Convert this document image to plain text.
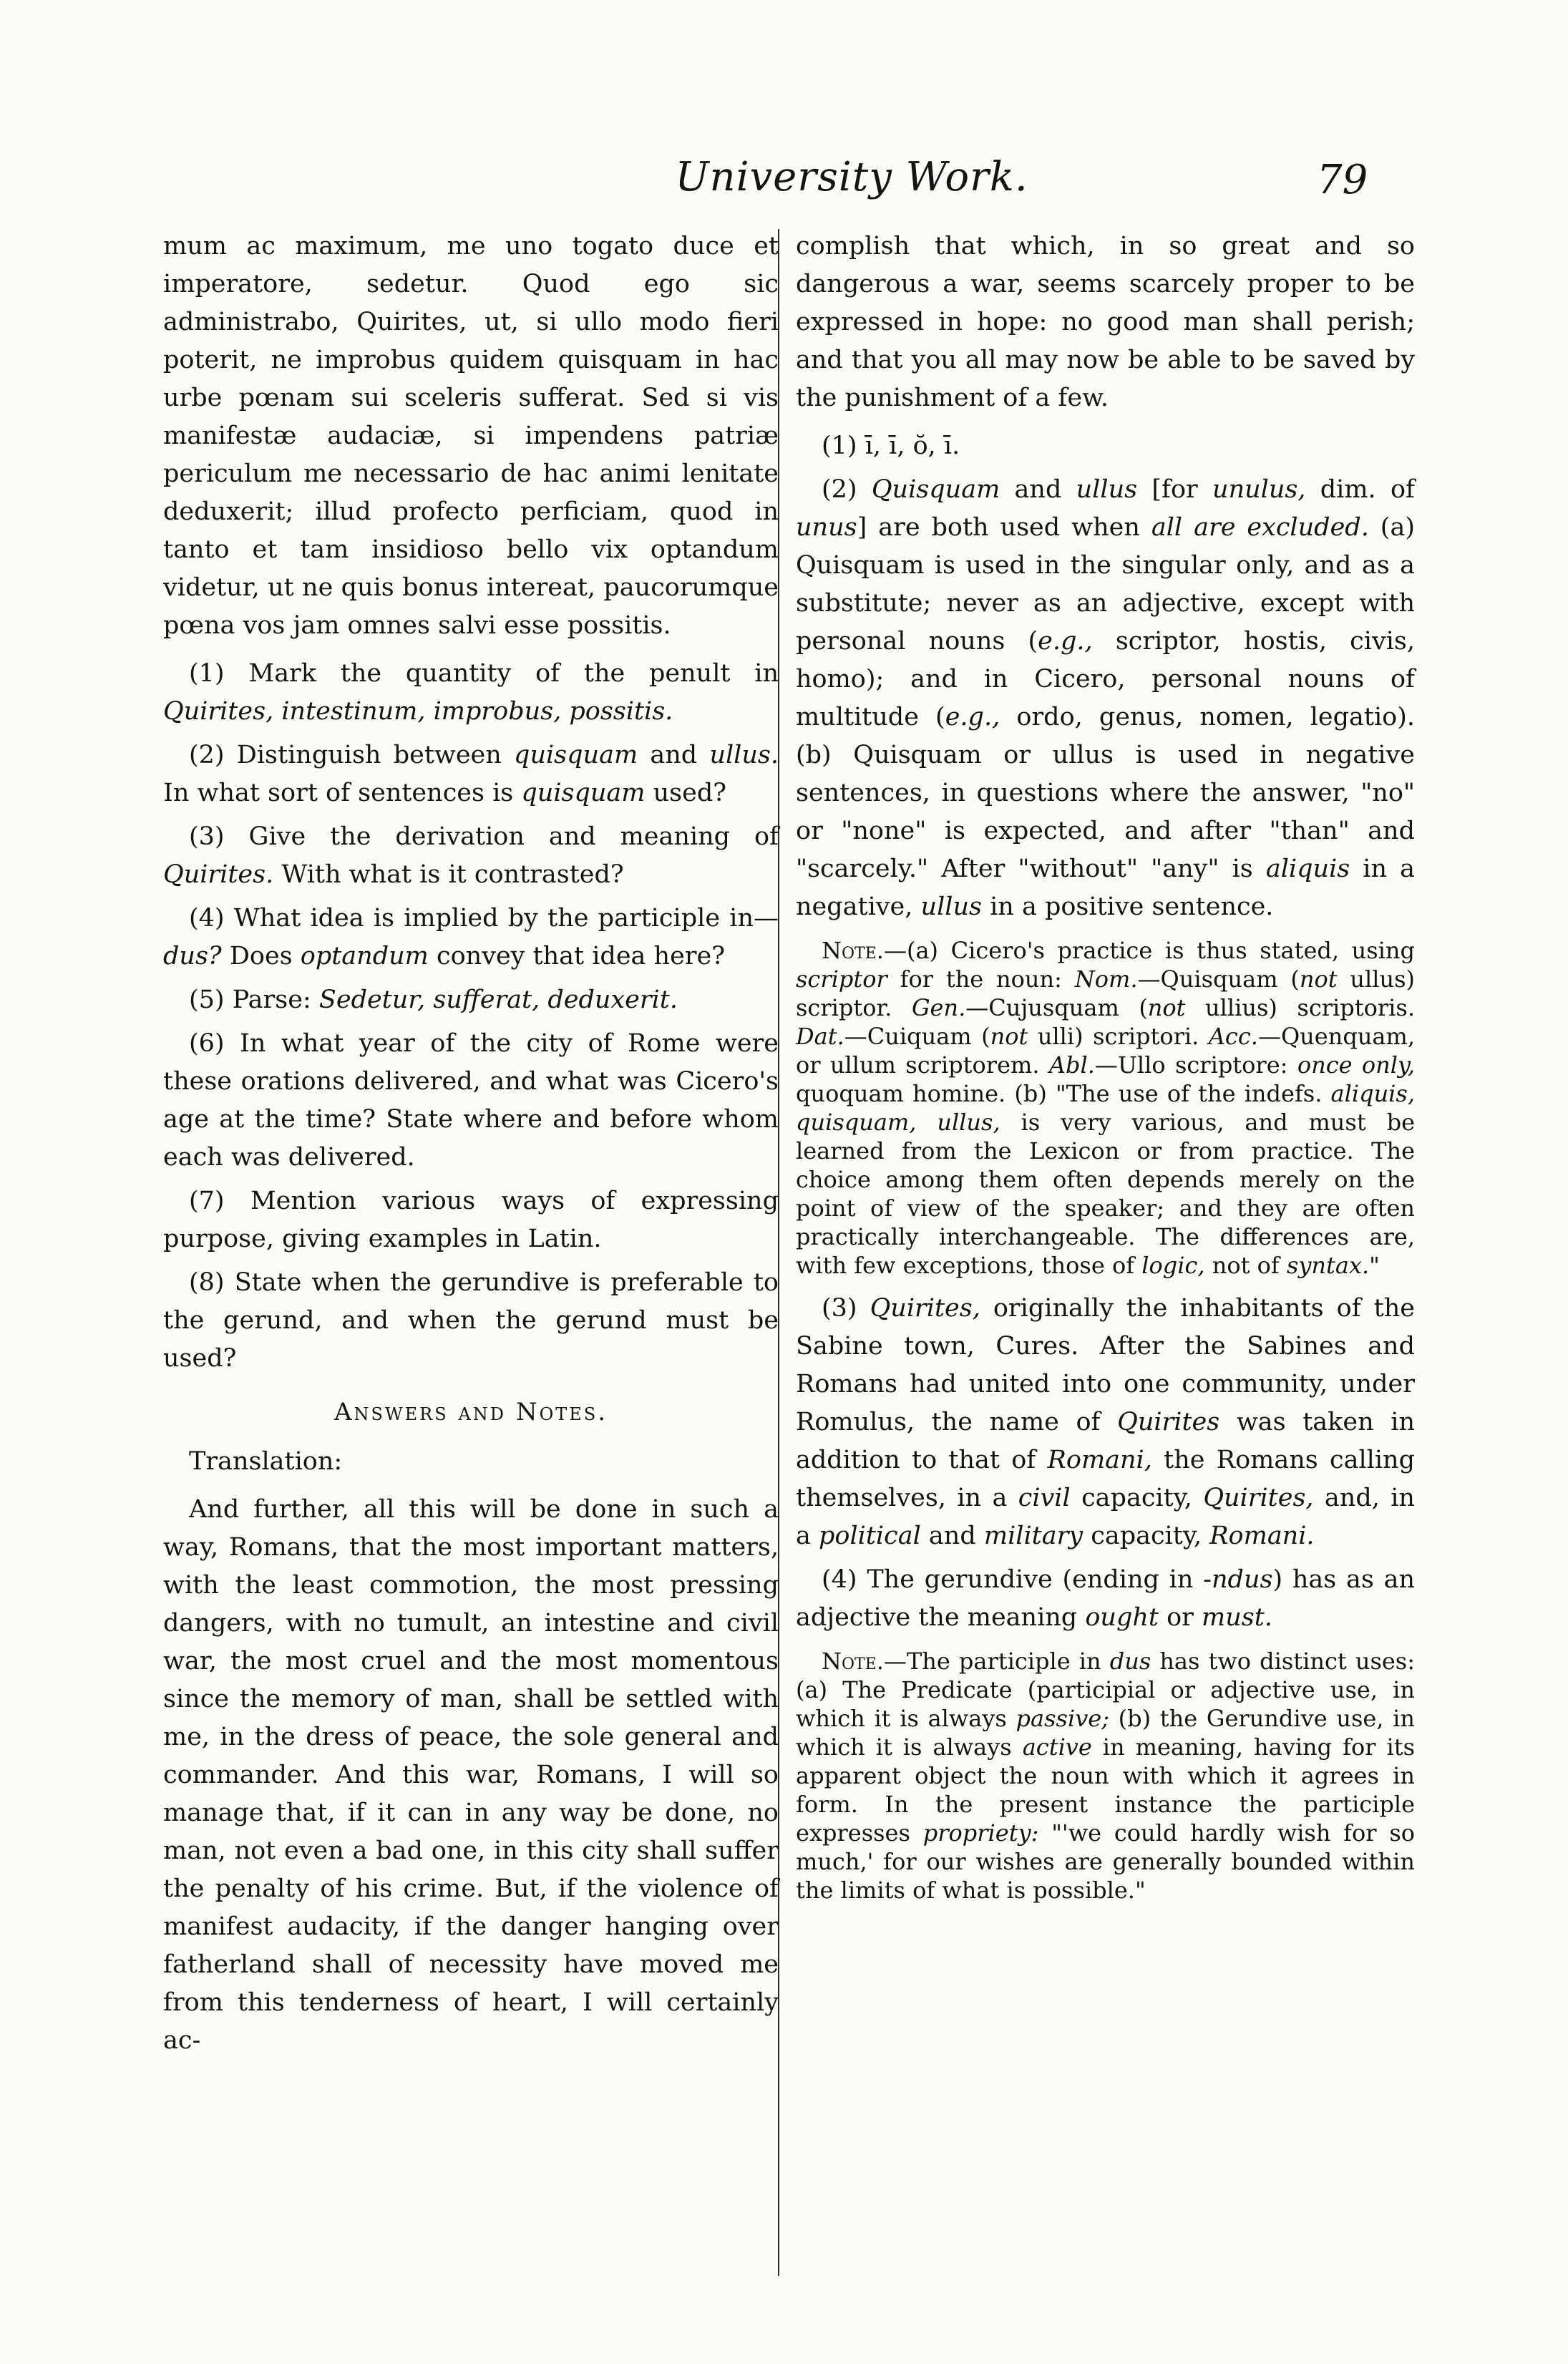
University Work.	79

mum ac maximum, me uno togato duce et imperatore, sedetur. Quod ego sic administrabo, Quirites, ut, si ullo modo fieri poterit, ne improbus quidem quisquam in hac urbe pœnam sui sceleris sufferat. Sed si vis manifestæ audaciæ, si impendens patriæ periculum me necessario de hac animi lenitate deduxerit; illud profecto perficiam, quod in tanto et tam insidioso bello vix optandum videtur, ut ne quis bonus intereat, paucorumque pœna vos jam omnes salvi esse possitis.

(1) Mark the quantity of the penult in Quirites, intestinum, improbus, possitis.

(2) Distinguish between quisquam and ullus. In what sort of sentences is quisquam used?

(3) Give the derivation and meaning of Quirites. With what is it contrasted?

(4) What idea is implied by the participle in—dus? Does optandum convey that idea here?

(5) Parse: Sedetur, sufferat, deduxerit.

(6) In what year of the city of Rome were these orations delivered, and what was Cicero's age at the time? State where and before whom each was delivered.

(7) Mention various ways of expressing purpose, giving examples in Latin.

(8) State when the gerundive is preferable to the gerund, and when the gerund must be used?

Answers and Notes.

Translation:

And further, all this will be done in such a way, Romans, that the most important matters, with the least commotion, the most pressing dangers, with no tumult, an intestine and civil war, the most cruel and the most momentous since the memory of man, shall be settled with me, in the dress of peace, the sole general and commander. And this war, Romans, I will so manage that, if it can in any way be done, no man, not even a bad one, in this city shall suffer the penalty of his crime. But, if the violence of manifest audacity, if the danger hanging over fatherland shall of necessity have moved me from this tenderness of heart, I will certainly ac-

complish that which, in so great and so dangerous a war, seems scarcely proper to be expressed in hope: no good man shall perish; and that you all may now be able to be saved by the punishment of a few.

(1) ī, ī, ŏ, ī.

(2) Quisquam and ullus [for unulus, dim. of unus] are both used when all are excluded. (a) Quisquam is used in the singular only, and as a substitute; never as an adjective, except with personal nouns (e.g., scriptor, hostis, civis, homo); and in Cicero, personal nouns of multitude (e.g., ordo, genus, nomen, legatio). (b) Quisquam or ullus is used in negative sentences, in questions where the answer, "no" or "none" is expected, and after "than" and "scarcely." After "without" "any" is aliquis in a negative, ullus in a positive sentence.

Note.—(a) Cicero's practice is thus stated, using scriptor for the noun: Nom.—Quisquam (not ullus) scriptor. Gen.—Cujusquam (not ullius) scriptoris. Dat.—Cuiquam (not ulli) scriptori. Acc.—Quenquam, or ullum scriptorem. Abl.—Ullo scriptore: once only, quoquam homine. (b) "The use of the indefs. aliquis, quisquam, ullus, is very various, and must be learned from the Lexicon or from practice. The choice among them often depends merely on the point of view of the speaker; and they are often practically interchangeable. The differences are, with few exceptions, those of logic, not of syntax."

(3) Quirites, originally the inhabitants of the Sabine town, Cures. After the Sabines and Romans had united into one community, under Romulus, the name of Quirites was taken in addition to that of Romani, the Romans calling themselves, in a civil capacity, Quirites, and, in a political and military capacity, Romani.

(4) The gerundive (ending in -ndus) has as an adjective the meaning ought or must.

Note.—The participle in dus has two distinct uses: (a) The Predicate (participial or adjective use, in which it is always passive; (b) the Gerundive use, in which it is always active in meaning, having for its apparent object the noun with which it agrees in form. In the present instance the participle expresses propriety: "'we could hardly wish for so much,' for our wishes are generally bounded within the limits of what is possible."
